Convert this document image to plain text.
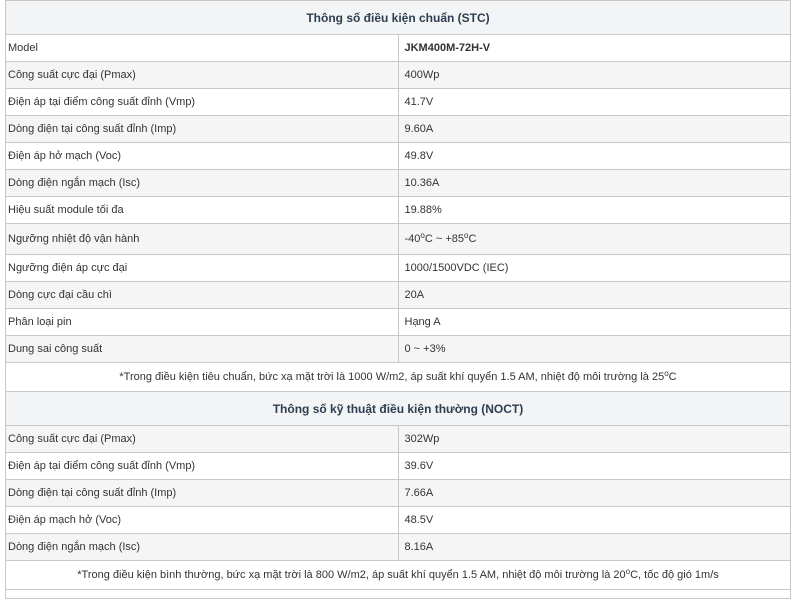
Thông số điều kiện chuẩn (STC)	
Model	JKM400M-72H-V
Công suất cực đại (Pmax)	400Wp
Điện áp tại điểm công suất đỉnh (Vmp)	41.7V
Dòng điện tại công suất đỉnh (Imp)	9.60A
Điện áp hở mạch (Voc)	49.8V
Dòng điện ngắn mạch (Isc)	10.36A
Hiệu suất module tối đa	19.88%
Ngưỡng nhiệt độ vận hành	-40$^o$C ~ $+85^oC$
Ngưỡng điện áp cực đại	1000/1500VDC (IEC)
Dòng cực đại cầu chì	20A
Phân loại pin	Hạng A
Dung sai công suất	0 ~ +3%
*Trong điều kiện tiêu chuẩn, bức xạ mặt trời là 1000 W/m2, áp suất khí quyển 1.5 AM, nhiệt độ môi trường là 25$^o$C	
Thông số kỹ thuật điều kiện thường (NOCT)	
Công suất cực đại (Pmax)	302Wp
Điện áp tại điểm công suất đỉnh (Vmp)	39.6V
Dòng điện tại công suất đỉnh (Imp)	7.66A
Điện áp mạch hở (Voc)	48.5V
Dòng điện ngắn mạch (Isc)	8.16A
*Trong điều kiện bình thường, bức xạ mặt trời là 800 W/m2, áp suất khí quyển 1.5 AM, nhiệt độ môi trường là 20$^o$C, tốc độ gió 1m/s	
